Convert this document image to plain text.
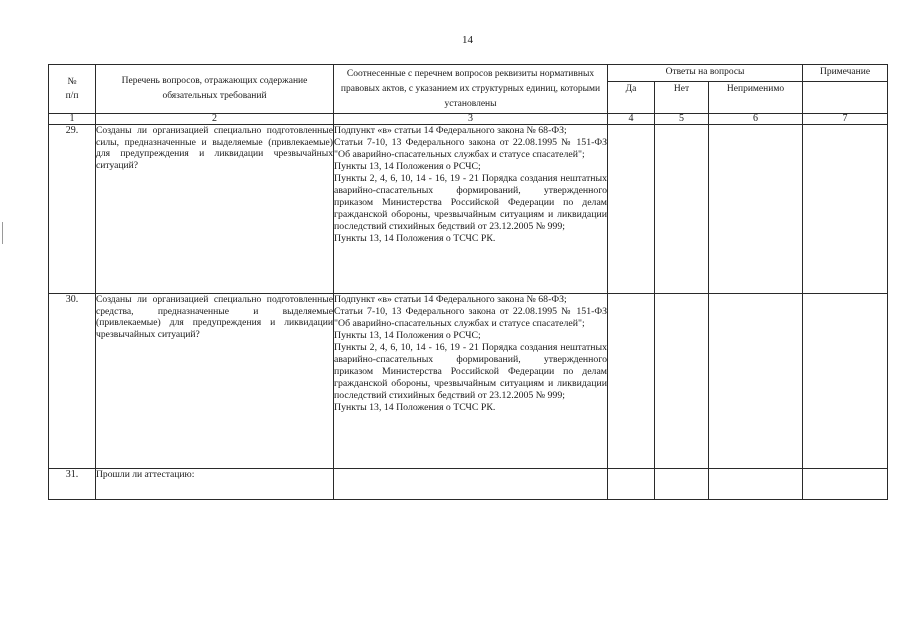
14
№
п/п	Перечень вопросов, отражающих содержание обязательных требований	Соотнесенные с перечнем вопросов реквизиты нормативных правовых актов, с указанием их структурных единиц, которыми установлены	Ответы на вопросы			Примечание
			Да	Нет	Неприменимо	
1	2	3	4	5	6	7
29.	Созданы ли организацией специально подготовленные силы, предназначенные и выделяемые (привлекаемые) для предупреждения и ликвидации чрезвычайных ситуаций?	Подпункт «в» статьи 14 Федерального закона № 68-ФЗ;
Статьи 7-10, 13 Федерального закона от 22.08.1995 № 151-ФЗ "Об аварийно-спасательных службах и статусе спасателей";
Пункты 13, 14 Положения о РСЧС;
Пункты 2, 4, 6, 10, 14 - 16, 19 - 21 Порядка создания нештатных аварийно-спасательных формирований, утвержденного приказом Министерства Российской Федерации по делам гражданской обороны, чрезвычайным ситуациям и ликвидации последствий стихийных бедствий от 23.12.2005 № 999;
Пункты 13, 14 Положения о ТСЧС РК.				

30.	Созданы ли организацией специально подготовленные средства, предназначенные и выделяемые (привлекаемые) для предупреждения и ликвидации чрезвычайных ситуаций?	Подпункт «в» статьи 14 Федерального закона № 68-ФЗ;
Статьи 7-10, 13 Федерального закона от 22.08.1995 № 151-ФЗ "Об аварийно-спасательных службах и статусе спасателей";
Пункты 13, 14 Положения о РСЧС;
Пункты 2, 4, 6, 10, 14 - 16, 19 - 21 Порядка создания нештатных аварийно-спасательных формирований, утвержденного приказом Министерства Российской Федерации по делам гражданской обороны, чрезвычайным ситуациям и ликвидации последствий стихийных бедствий от 23.12.2005 № 999;
Пункты 13, 14 Положения о ТСЧС РК.				

31.	Прошли ли аттестацию:					
